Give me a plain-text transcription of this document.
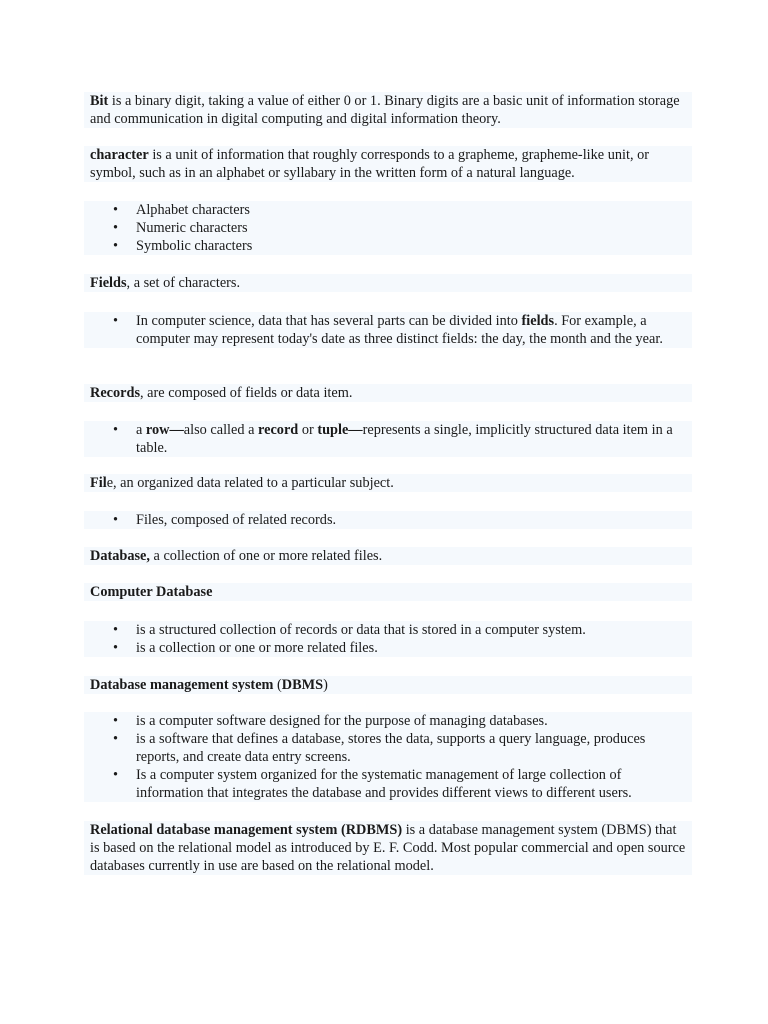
Bit is a binary digit, taking a value of either 0 or 1. Binary digits are a basic unit of information storage and communication in digital computing and digital information theory.

character is a unit of information that roughly corresponds to a grapheme, grapheme-like unit, or symbol, such as in an alphabet or syllabary in the written form of a natural language.

• Alphabet characters
• Numeric characters
• Symbolic characters

Fields, a set of characters.

• In computer science, data that has several parts can be divided into fields. For example, a computer may represent today's date as three distinct fields: the day, the month and the year.

Records, are composed of fields or data item.

• a row—also called a record or tuple—represents a single, implicitly structured data item in a table.

File, an organized data related to a particular subject.

• Files, composed of related records.

Database, a collection of one or more related files.

Computer Database

• is a structured collection of records or data that is stored in a computer system.
• is a collection or one or more related files.

Database management system (DBMS)

• is a computer software designed for the purpose of managing databases.
• is a software that defines a database, stores the data, supports a query language, produces reports, and create data entry screens.
• Is a computer system organized for the systematic management of large collection of information that integrates the database and provides different views to different users.

Relational database management system (RDBMS) is a database management system (DBMS) that is based on the relational model as introduced by E. F. Codd. Most popular commercial and open source databases currently in use are based on the relational model.
